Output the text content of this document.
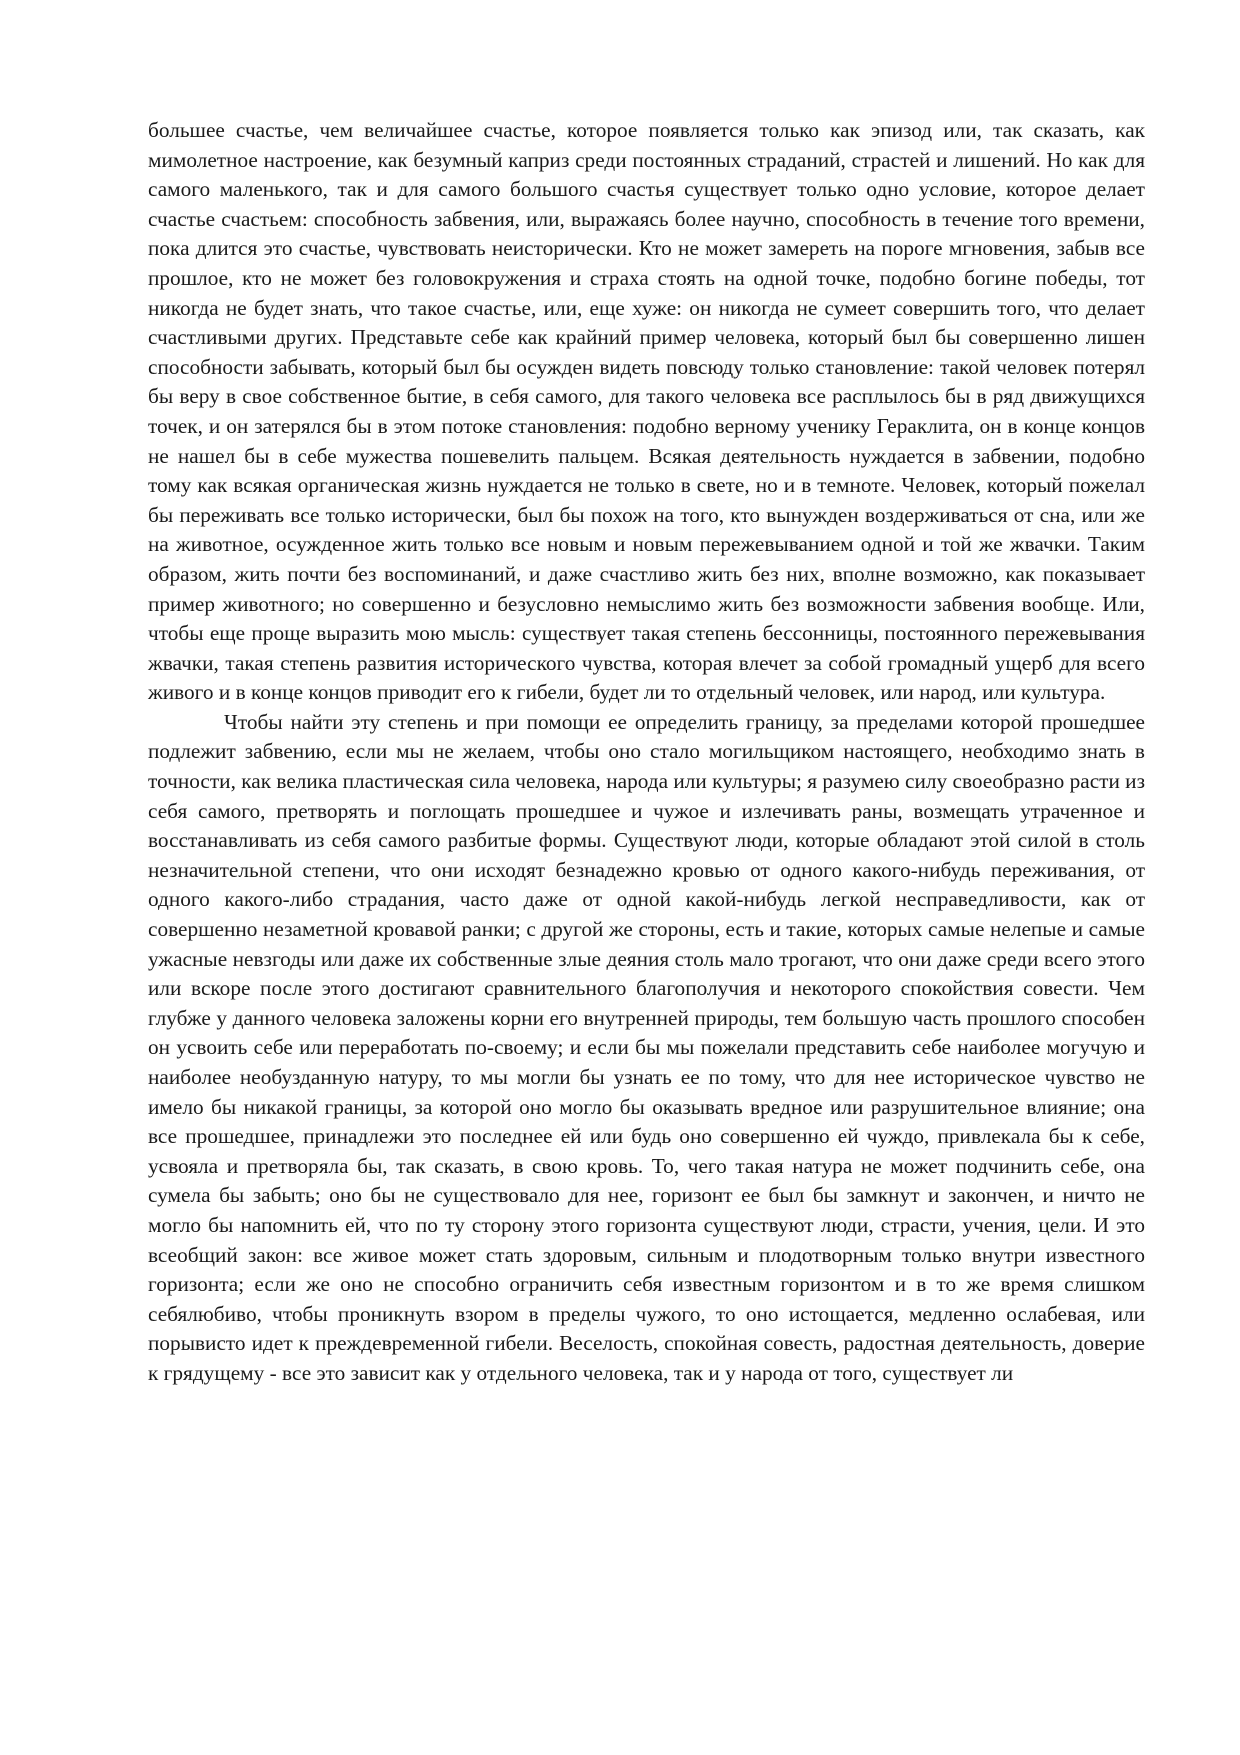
большее счастье, чем величайшее счастье, которое появляется только как эпизод или, так сказать, как мимолетное настроение, как безумный каприз среди постоянных страданий, страстей и лишений. Но как для самого маленького, так и для самого большого счастья существует только одно условие, которое делает счастье счастьем: способность забвения, или, выражаясь более научно, способность в течение того времени, пока длится это счастье, чувствовать неисторически. Кто не может замереть на пороге мгновения, забыв все прошлое, кто не может без головокружения и страха стоять на одной точке, подобно богине победы, тот никогда не будет знать, что такое счастье, или, еще хуже: он никогда не сумеет совершить того, что делает счастливыми других. Представьте себе как крайний пример человека, который был бы совершенно лишен способности забывать, который был бы осужден видеть повсюду только становление: такой человек потерял бы веру в свое собственное бытие, в себя самого, для такого человека все расплылось бы в ряд движущихся точек, и он затерялся бы в этом потоке становления: подобно верному ученику Гераклита, он в конце концов не нашел бы в себе мужества пошевелить пальцем. Всякая деятельность нуждается в забвении, подобно тому как всякая органическая жизнь нуждается не только в свете, но и в темноте. Человек, который пожелал бы переживать все только исторически, был бы похож на того, кто вынужден воздерживаться от сна, или же на животное, осужденное жить только все новым и новым пережевыванием одной и той же жвачки. Таким образом, жить почти без воспоминаний, и даже счастливо жить без них, вполне возможно, как показывает пример животного; но совершенно и безусловно немыслимо жить без возможности забвения вообще. Или, чтобы еще проще выразить мою мысль: существует такая степень бессонницы, постоянного пережевывания жвачки, такая степень развития исторического чувства, которая влечет за собой громадный ущерб для всего живого и в конце концов приводит его к гибели, будет ли то отдельный человек, или народ, или культура.

Чтобы найти эту степень и при помощи ее определить границу, за пределами которой прошедшее подлежит забвению, если мы не желаем, чтобы оно стало могильщиком настоящего, необходимо знать в точности, как велика пластическая сила человека, народа или культуры; я разумею силу своеобразно расти из себя самого, претворять и поглощать прошедшее и чужое и излечивать раны, возмещать утраченное и восстанавливать из себя самого разбитые формы. Существуют люди, которые обладают этой силой в столь незначительной степени, что они исходят безнадежно кровью от одного какого-нибудь переживания, от одного какого-либо страдания, часто даже от одной какой-нибудь легкой несправедливости, как от совершенно незаметной кровавой ранки; с другой же стороны, есть и такие, которых самые нелепые и самые ужасные невзгоды или даже их собственные злые деяния столь мало трогают, что они даже среди всего этого или вскоре после этого достигают сравнительного благополучия и некоторого спокойствия совести. Чем глубже у данного человека заложены корни его внутренней природы, тем большую часть прошлого способен он усвоить себе или переработать по-своему; и если бы мы пожелали представить себе наиболее могучую и наиболее необузданную натуру, то мы могли бы узнать ее по тому, что для нее историческое чувство не имело бы никакой границы, за которой оно могло бы оказывать вредное или разрушительное влияние; она все прошедшее, принадлежи это последнее ей или будь оно совершенно ей чуждо, привлекала бы к себе, усвояла и претворяла бы, так сказать, в свою кровь. То, чего такая натура не может подчинить себе, она сумела бы забыть; оно бы не существовало для нее, горизонт ее был бы замкнут и закончен, и ничто не могло бы напомнить ей, что по ту сторону этого горизонта существуют люди, страсти, учения, цели. И это всеобщий закон: все живое может стать здоровым, сильным и плодотворным только внутри известного горизонта; если же оно не способно ограничить себя известным горизонтом и в то же время слишком себялюбиво, чтобы проникнуть взором в пределы чужого, то оно истощается, медленно ослабевая, или порывисто идет к преждевременной гибели. Веселость, спокойная совесть, радостная деятельность, доверие к грядущему - все это зависит как у отдельного человека, так и у народа от того, существует ли
